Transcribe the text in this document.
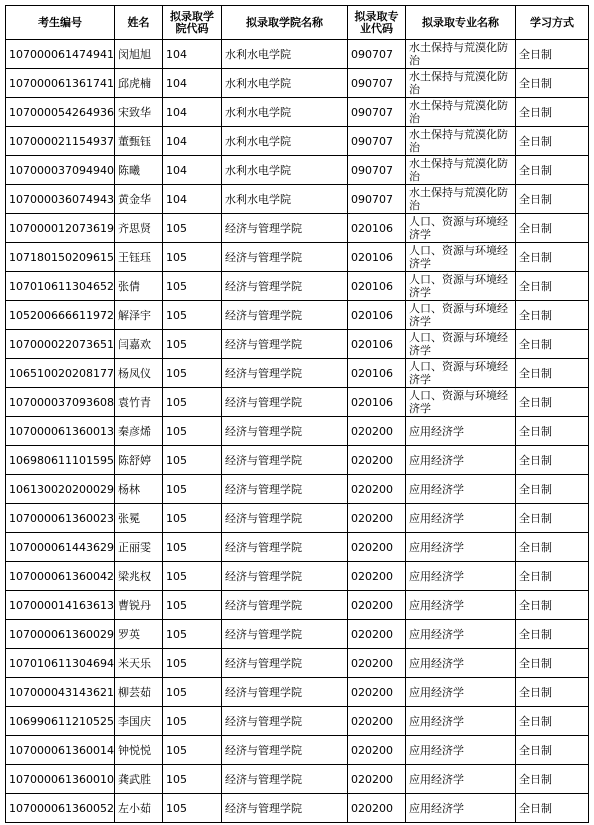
考生编号	姓名	拟录取学院代码	拟录取学院名称	拟录取专业代码	拟录取专业名称	学习方式
107000061474941	闵旭旭	104	水利水电学院	090707	水土保持与荒漠化防治	全日制
107000061361741	邱虎楠	104	水利水电学院	090707	水土保持与荒漠化防治	全日制
107000054264936	宋致华	104	水利水电学院	090707	水土保持与荒漠化防治	全日制
107000021154937	董甄钰	104	水利水电学院	090707	水土保持与荒漠化防治	全日制
107000037094940	陈曦	104	水利水电学院	090707	水土保持与荒漠化防治	全日制
107000036074943	黄金华	104	水利水电学院	090707	水土保持与荒漠化防治	全日制
107000012073619	齐思贤	105	经济与管理学院	020106	人口、资源与环境经济学	全日制
107180150209615	王钰珏	105	经济与管理学院	020106	人口、资源与环境经济学	全日制
107010611304652	张倩	105	经济与管理学院	020106	人口、资源与环境经济学	全日制
105200666611972	解泽宇	105	经济与管理学院	020106	人口、资源与环境经济学	全日制
107000022073651	闫嘉欢	105	经济与管理学院	020106	人口、资源与环境经济学	全日制
106510020208177	杨凤仪	105	经济与管理学院	020106	人口、资源与环境经济学	全日制
107000037093608	袁竹青	105	经济与管理学院	020106	人口、资源与环境经济学	全日制
107000061360013	秦彦烯	105	经济与管理学院	020200	应用经济学	全日制
106980611101595	陈舒婷	105	经济与管理学院	020200	应用经济学	全日制
106130020200029	杨林	105	经济与管理学院	020200	应用经济学	全日制
107000061360023	张冕	105	经济与管理学院	020200	应用经济学	全日制
107000061443629	正丽雯	105	经济与管理学院	020200	应用经济学	全日制
107000061360042	梁兆权	105	经济与管理学院	020200	应用经济学	全日制
107000014163613	曹锐丹	105	经济与管理学院	020200	应用经济学	全日制
107000061360029	罗英	105	经济与管理学院	020200	应用经济学	全日制
107010611304694	米天乐	105	经济与管理学院	020200	应用经济学	全日制
107000043143621	柳芸茹	105	经济与管理学院	020200	应用经济学	全日制
106990611210525	李国庆	105	经济与管理学院	020200	应用经济学	全日制
107000061360014	钟悦悦	105	经济与管理学院	020200	应用经济学	全日制
107000061360010	龚武胜	105	经济与管理学院	020200	应用经济学	全日制
107000061360052	左小茹	105	经济与管理学院	020200	应用经济学	全日制
